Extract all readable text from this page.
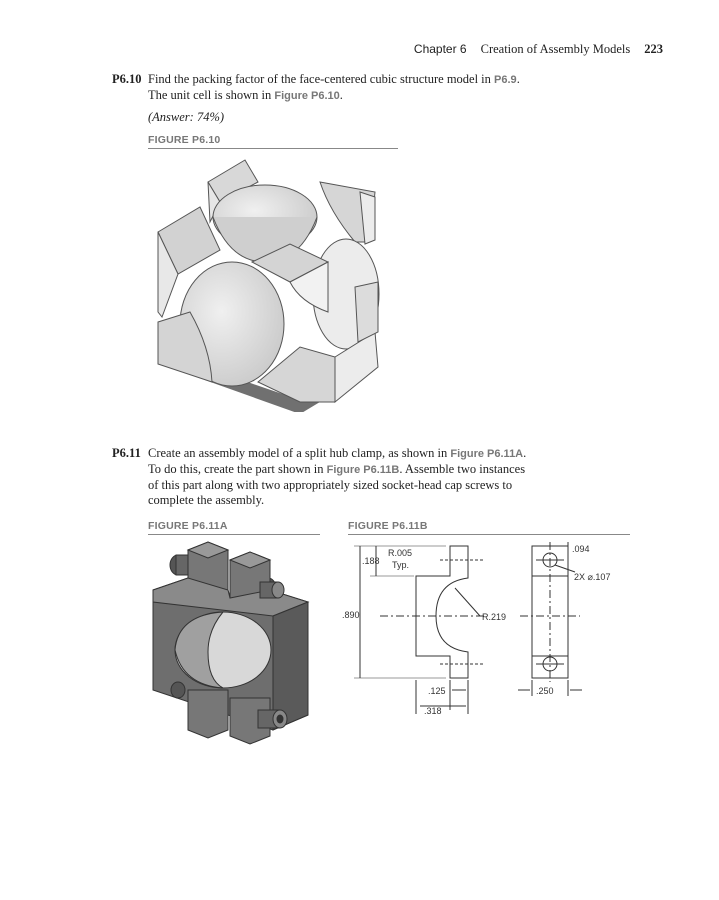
Chapter 6 Creation of Assembly Models 223
P6.10 Find the packing factor of the face-centered cubic structure model in P6.9.
The unit cell is shown in Figure P6.10.
(Answer: 74%)
FIGURE P6.10
P6.11 Create an assembly model of a split hub clamp, as shown in Figure P6.11A.
To do this, create the part shown in Figure P6.11B. Assemble two instances
of this part along with two appropriately sized socket-head cap screws to
complete the assembly.
FIGURE P6.11A	FIGURE P6.11B
R.005
Typ.
.188
.890	R.219
.125
.318
.094
2X ⌀.107
.250
